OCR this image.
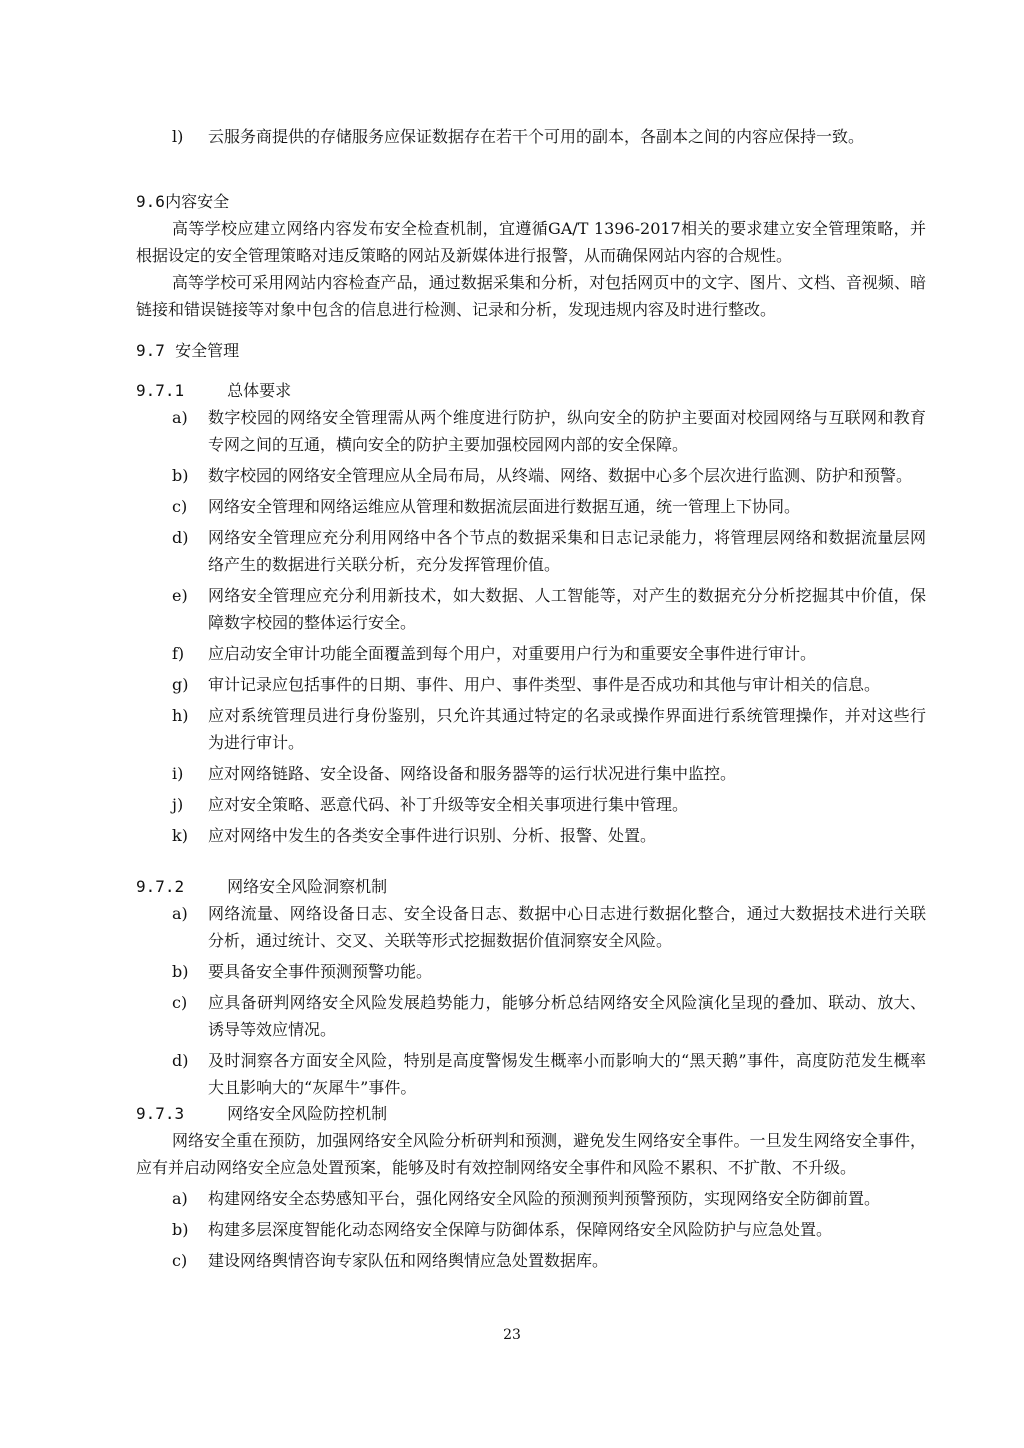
l)	云服务商提供的存储服务应保证数据存在若干个可用的副本，各副本之间的内容应保持一致。

9.6 内容安全

高等学校应建立网络内容发布安全检查机制，宜遵循GA/T 1396-2017相关的要求建立安全管理策略，并根据设定的安全管理策略对违反策略的网站及新媒体进行报警，从而确保网站内容的合规性。

高等学校可采用网站内容检查产品，通过数据采集和分析，对包括网页中的文字、图片、文档、音视频、暗链接和错误链接等对象中包含的信息进行检测、记录和分析，发现违规内容及时进行整改。

9.7 安全管理

9.7.1	总体要求

a)	数字校园的网络安全管理需从两个维度进行防护，纵向安全的防护主要面对校园网络与互联网和教育专网之间的互通，横向安全的防护主要加强校园网内部的安全保障。
b)	数字校园的网络安全管理应从全局布局，从终端、网络、数据中心多个层次进行监测、防护和预警。
c)	网络安全管理和网络运维应从管理和数据流层面进行数据互通，统一管理上下协同。
d)	网络安全管理应充分利用网络中各个节点的数据采集和日志记录能力，将管理层网络和数据流量层网络产生的数据进行关联分析，充分发挥管理价值。
e)	网络安全管理应充分利用新技术，如大数据、人工智能等，对产生的数据充分分析挖掘其中价值，保障数字校园的整体运行安全。
f)	应启动安全审计功能全面覆盖到每个用户，对重要用户行为和重要安全事件进行审计。
g)	审计记录应包括事件的日期、事件、用户、事件类型、事件是否成功和其他与审计相关的信息。
h)	应对系统管理员进行身份鉴别，只允许其通过特定的名录或操作界面进行系统管理操作，并对这些行为进行审计。
i)	应对网络链路、安全设备、网络设备和服务器等的运行状况进行集中监控。
j)	应对安全策略、恶意代码、补丁升级等安全相关事项进行集中管理。
k)	应对网络中发生的各类安全事件进行识别、分析、报警、处置。

9.7.2	网络安全风险洞察机制

a)	网络流量、网络设备日志、安全设备日志、数据中心日志进行数据化整合，通过大数据技术进行关联分析，通过统计、交叉、关联等形式挖掘数据价值洞察安全风险。
b)	要具备安全事件预测预警功能。
c)	应具备研判网络安全风险发展趋势能力，能够分析总结网络安全风险演化呈现的叠加、联动、放大、诱导等效应情况。
d)	及时洞察各方面安全风险，特别是高度警惕发生概率小而影响大的“黑天鹅”事件，高度防范发生概率大且影响大的“灰犀牛”事件。

9.7.3	网络安全风险防控机制

网络安全重在预防，加强网络安全风险分析研判和预测，避免发生网络安全事件。一旦发生网络安全事件，应有并启动网络安全应急处置预案，能够及时有效控制网络安全事件和风险不累积、不扩散、不升级。

a)	构建网络安全态势感知平台，强化网络安全风险的预测预判预警预防，实现网络安全防御前置。
b)	构建多层深度智能化动态网络安全保障与防御体系，保障网络安全风险防护与应急处置。
c)	建设网络舆情咨询专家队伍和网络舆情应急处置数据库。
23
